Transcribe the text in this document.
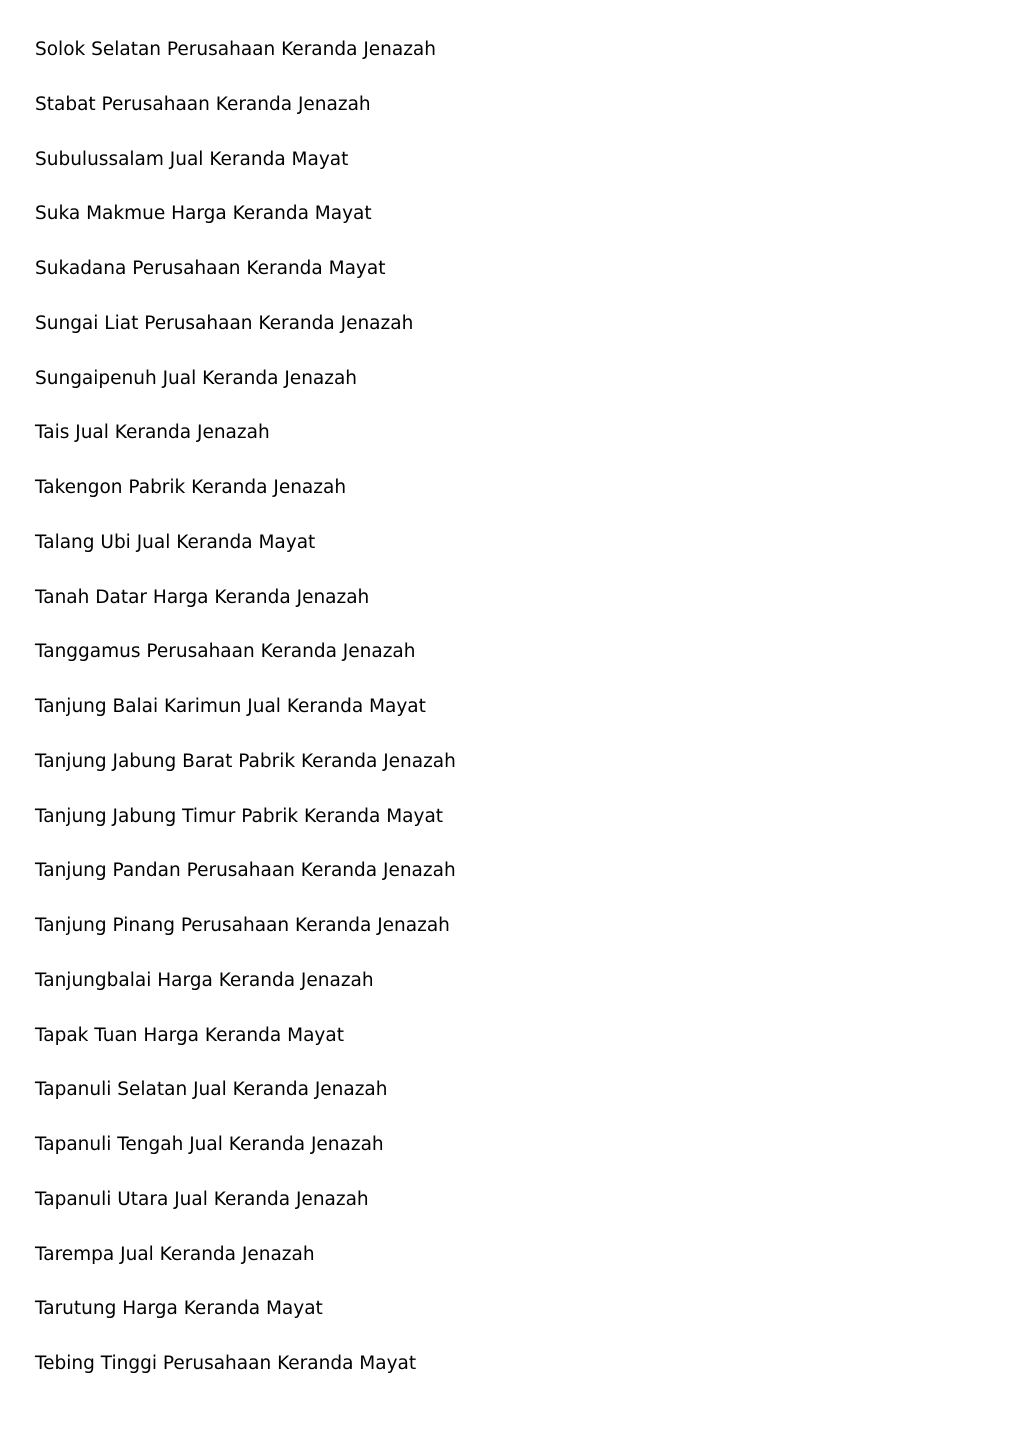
Solok Selatan Perusahaan Keranda Jenazah

Stabat Perusahaan Keranda Jenazah

Subulussalam Jual Keranda Mayat

Suka Makmue Harga Keranda Mayat

Sukadana Perusahaan Keranda Mayat

Sungai Liat Perusahaan Keranda Jenazah

Sungaipenuh Jual Keranda Jenazah

Tais Jual Keranda Jenazah

Takengon Pabrik Keranda Jenazah

Talang Ubi Jual Keranda Mayat

Tanah Datar Harga Keranda Jenazah

Tanggamus Perusahaan Keranda Jenazah

Tanjung Balai Karimun Jual Keranda Mayat

Tanjung Jabung Barat Pabrik Keranda Jenazah

Tanjung Jabung Timur Pabrik Keranda Mayat

Tanjung Pandan Perusahaan Keranda Jenazah

Tanjung Pinang Perusahaan Keranda Jenazah

Tanjungbalai Harga Keranda Jenazah

Tapak Tuan Harga Keranda Mayat

Tapanuli Selatan Jual Keranda Jenazah

Tapanuli Tengah Jual Keranda Jenazah

Tapanuli Utara Jual Keranda Jenazah

Tarempa Jual Keranda Jenazah

Tarutung Harga Keranda Mayat

Tebing Tinggi Perusahaan Keranda Mayat
